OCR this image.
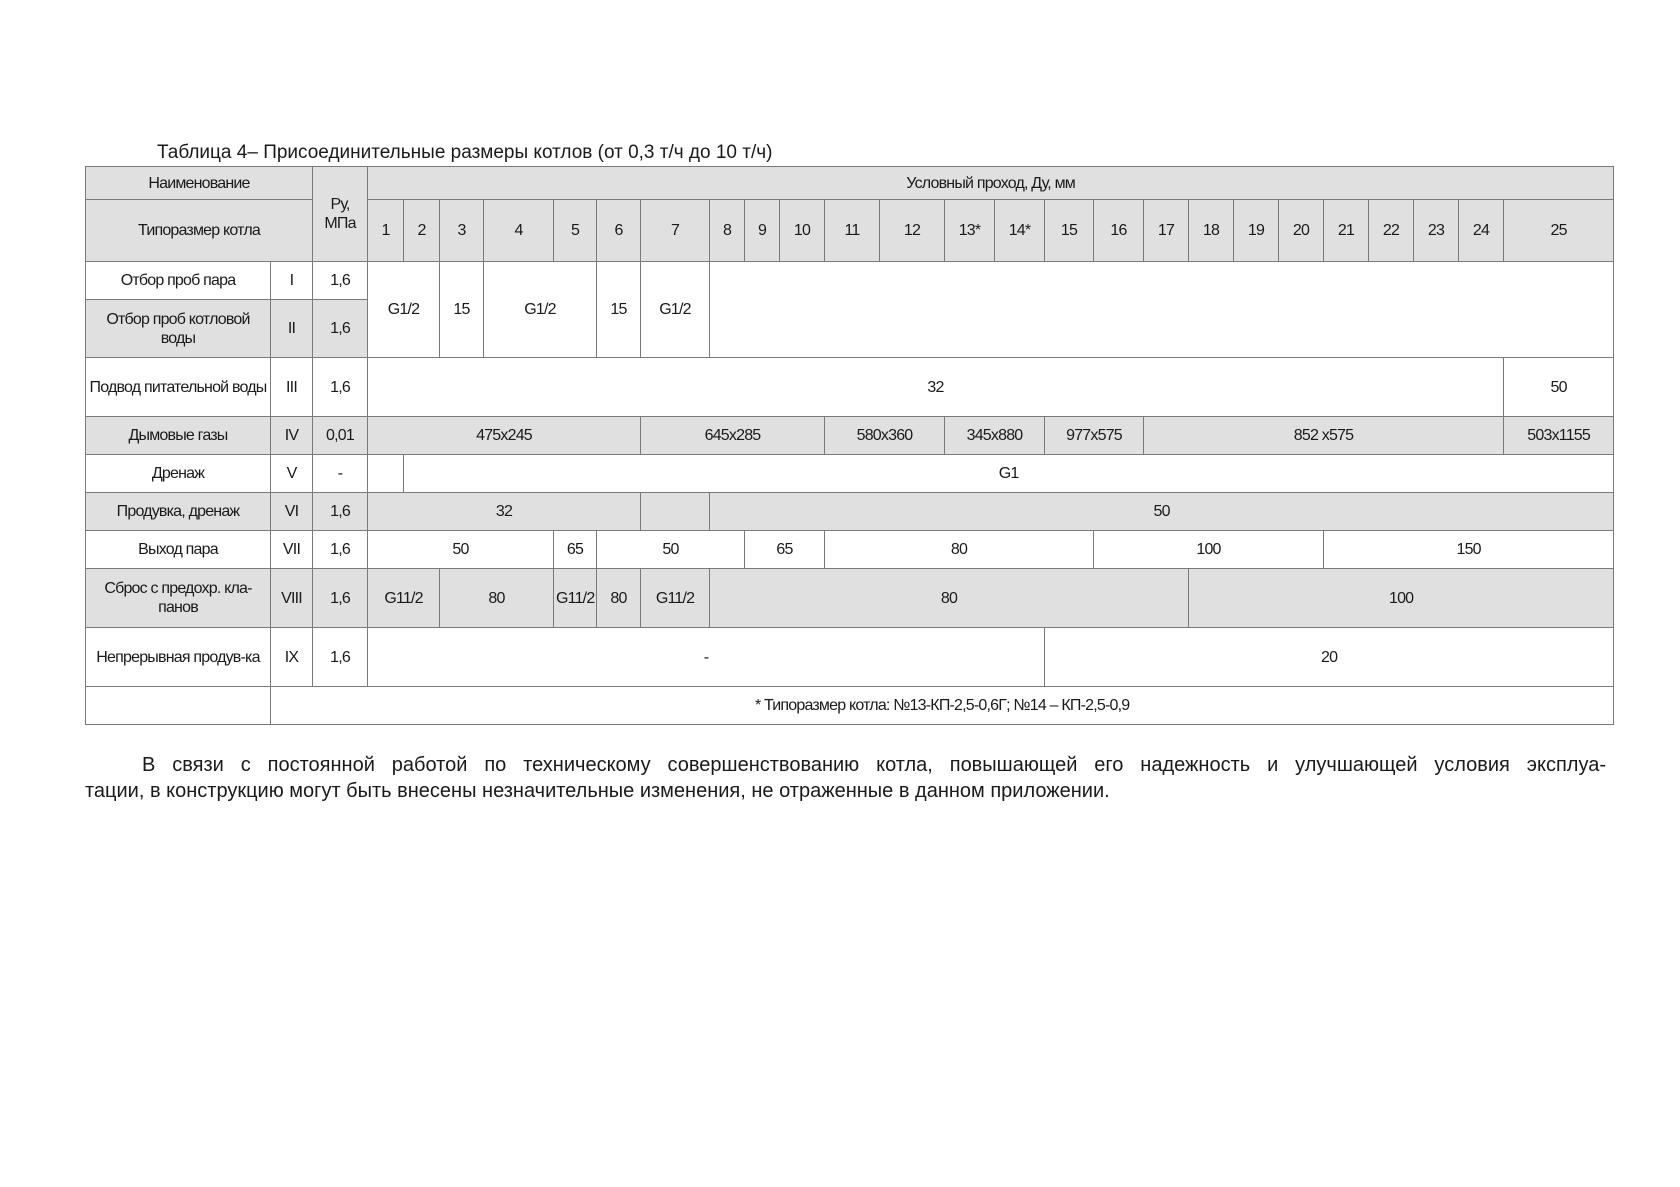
Таблица 4– Присоединительные размеры котлов (от 0,3 т/ч до 10 т/ч)
Наименование		Ру, МПа	Условный проход, Ду, мм																								
Типоразмер котла			1	2	3	4	5	6	7	8	9	10	11	12	13*	14*	15	16	17	18	19	20	21	22	23	24	25
Отбор проб пара	I	1,6	G1/2		15	G1/2		15	G1/2																		
Отбор проб котловой воды	II	1,6																									
Подвод питательной воды	III	1,6	32																								50
Дымовые газы	IV	0,01	475x245						645x285				580x360		345x880		977x575		852 x575								503x1155
Дренаж	V	-		G1																							
Продувка, дренаж	VI	1,6	32							50																	
Выход пара	VII	1,6	50				65	50			65		80					100					150				
Сброс с предохр. кла-панов	VIII	1,6	G11/2		80		G11/2	80	G11/2	80										100							
Непрерывная продув-ка	IX	1,6	-														20										
	* Типоразмер котла: №13-КП-2,5-0,6Г; №14 – КП-2,5-0,9																										
В связи с постоянной работой по техническому совершенствованию котла, повышающей его надежность и улучшающей условия эксплуа-
тации, в конструкцию могут быть внесены незначительные изменения, не отраженные в данном приложении.
